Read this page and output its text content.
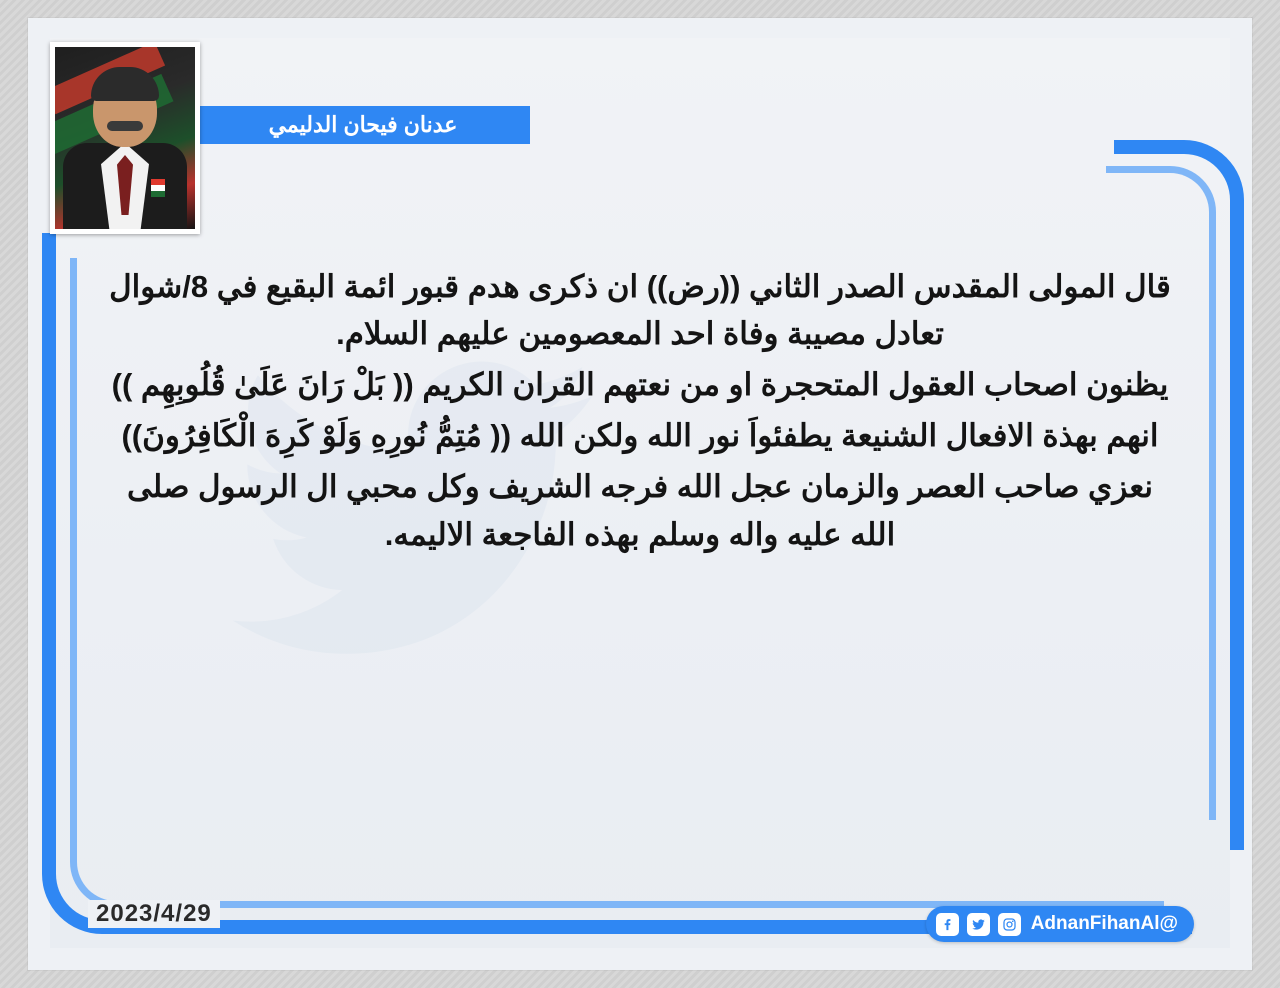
عدنان فيحان الدليمي

قال المولى المقدس الصدر الثاني ((رض)) ان ذكرى هدم قبور ائمة البقيع في 8/شوال تعادل مصيبة وفاة احد المعصومين عليهم السلام.

يظنون اصحاب العقول المتحجرة او من نعتهم القران الكريم (( بَلْ رَانَ عَلَىٰ قُلُوبِهِم ))

انهم بهذة الافعال الشنيعة يطفئواَ نور الله ولكن الله (( مُتِمُّ نُورِهِ وَلَوْ كَرِهَ الْكَافِرُونَ))

نعزي صاحب العصر والزمان عجل الله فرجه الشريف وكل محبي ال الرسول صلى الله عليه واله وسلم بهذه الفاجعة الاليمه.

2023/4/29	AdnanFihanAl@
